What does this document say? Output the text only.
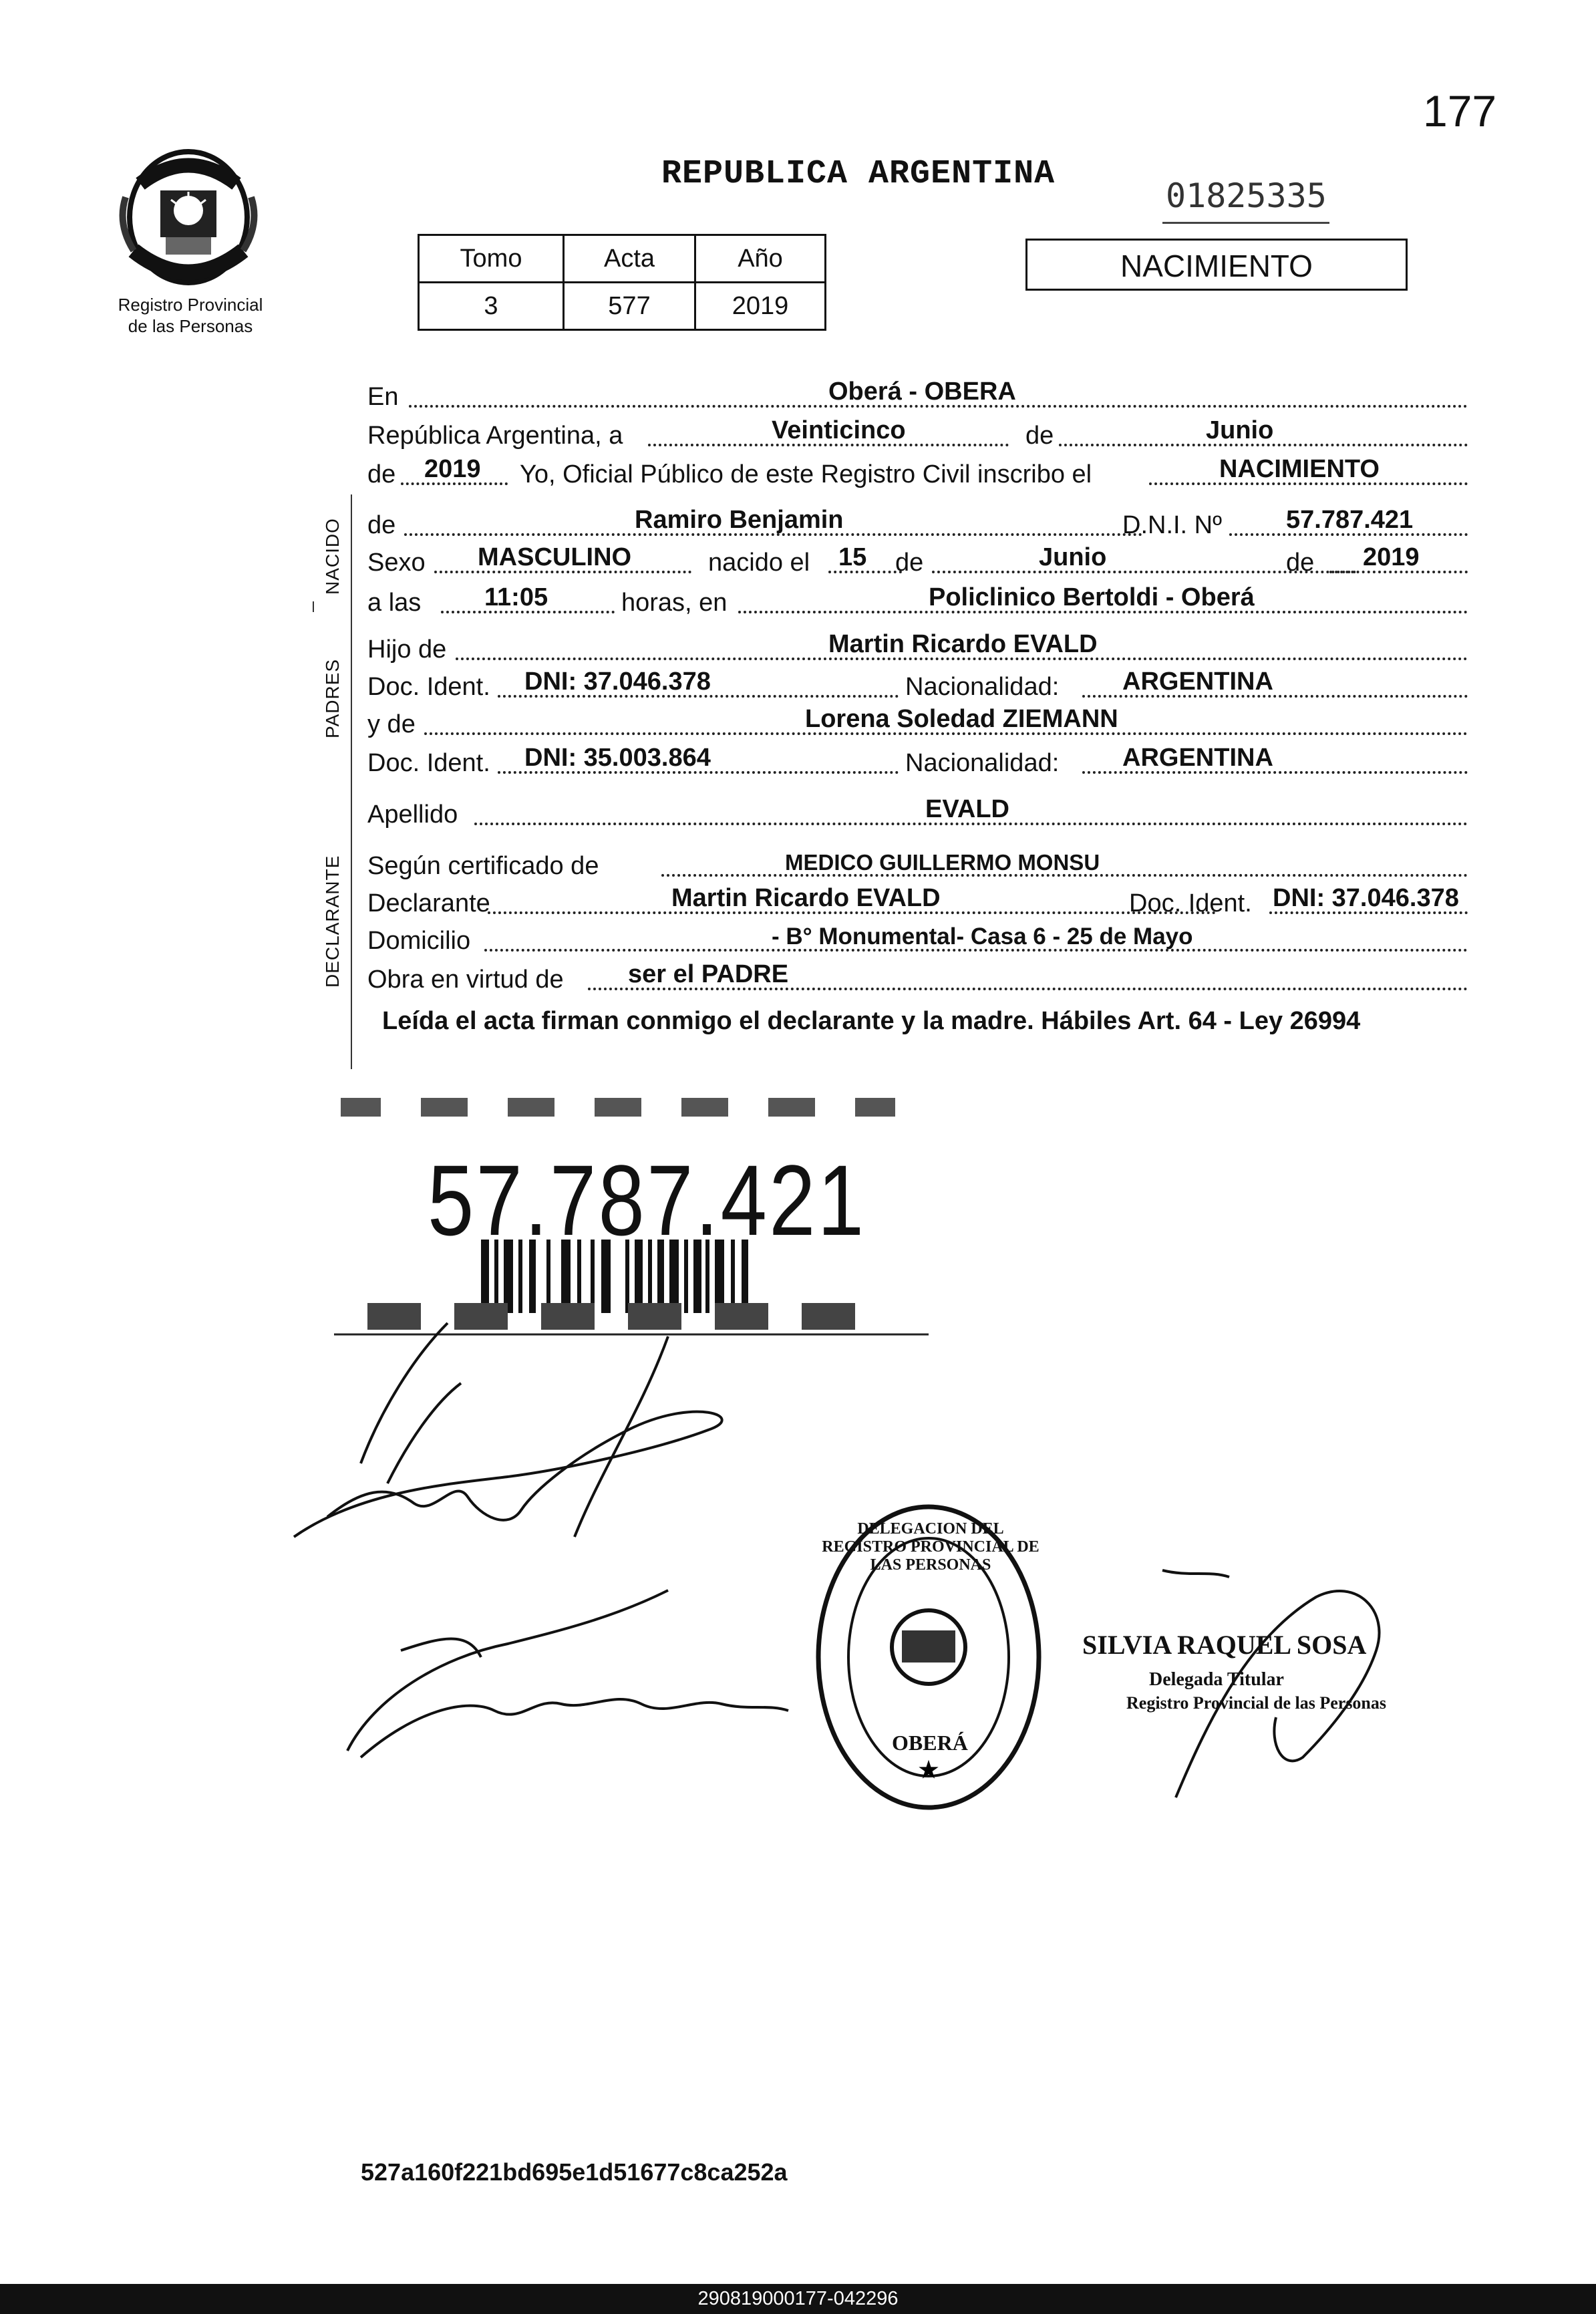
177
Registro Provincial
de las Personas
REPUBLICA ARGENTINA
01825335
Tomo	Acta	Año
3	577	2019
NACIMIENTO
NACIDO
PADRES
DECLARANTE
En	Oberá - OBERA
República Argentina, a	Veinticinco	de	Junio
de 2019 Yo, Oficial Público de este Registro Civil inscribo el	NACIMIENTO
de	Ramiro Benjamin	D.N.I. Nº	57.787.421
Sexo MASCULINO	nacido el 15 de	Junio	de 2019
a las 11:05	horas, en	Policlinico Bertoldi - Oberá
Hijo de	Martin Ricardo EVALD
Doc. Ident. DNI: 37.046.378	Nacionalidad: ARGENTINA
y de	Lorena Soledad ZIEMANN
Doc. Ident. DNI: 35.003.864	Nacionalidad: ARGENTINA
Apellido	EVALD
Según certificado de	MEDICO GUILLERMO MONSU
Declarante	Martin Ricardo EVALD	Doc. Ident. DNI: 37.046.378
Domicilio	- B° Monumental- Casa 6 - 25 de Mayo
Obra en virtud de	ser el PADRE
Leída el acta firman conmigo el declarante y la madre. Hábiles Art. 64 - Ley 26994
57.787.421
★
OBERÁ
DELEGACION DEL REGISTRO PROVINCIAL DE LAS PERSONAS
SILVIA RAQUEL SOSA
Delegada Titular
Registro Provincial de las Personas
527a160f221bd695e1d51677c8ca252a
290819000177-042296
